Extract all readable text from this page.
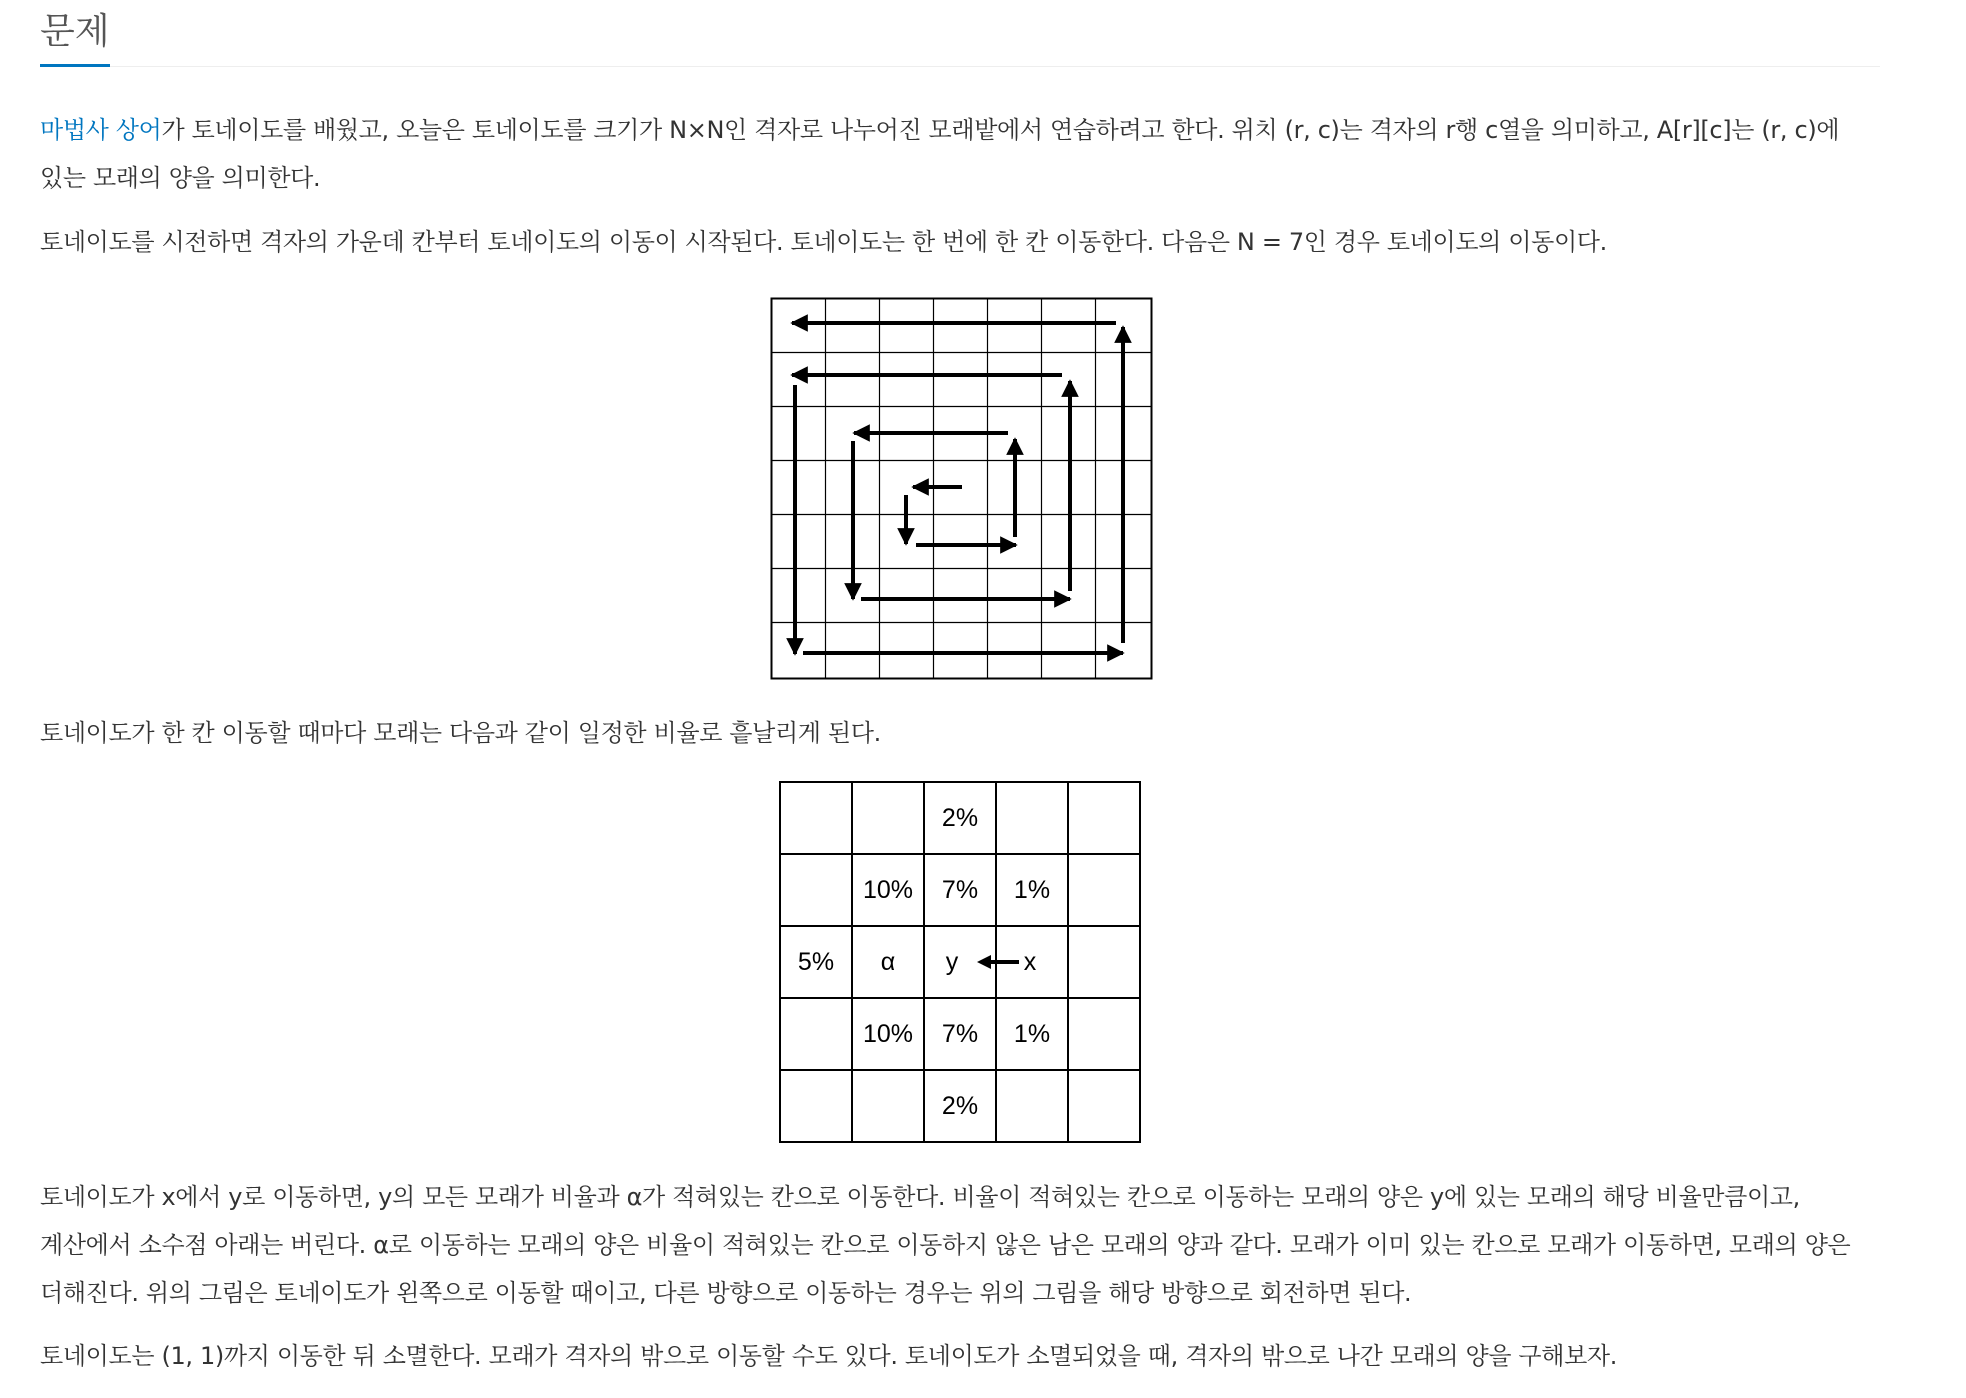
문제

마법사 상어가 토네이도를 배웠고, 오늘은 토네이도를 크기가 N×N인 격자로 나누어진 모래밭에서 연습하려고 한다. 위치 (r, c)는 격자의 r행 c열을 의미하고, A[r][c]는 (r, c)에 있는 모래의 양을 의미한다.

토네이도를 시전하면 격자의 가운데 칸부터 토네이도의 이동이 시작된다. 토네이도는 한 번에 한 칸 이동한다. 다음은 N = 7인 경우 토네이도의 이동이다.

토네이도가 한 칸 이동할 때마다 모래는 다음과 같이 일정한 비율로 흩날리게 된다.

		2%		
	10%	7%	1%	
5%	α	y	x	
	10%	7%	1%	
		2%		

토네이도가 x에서 y로 이동하면, y의 모든 모래가 비율과 α가 적혀있는 칸으로 이동한다. 비율이 적혀있는 칸으로 이동하는 모래의 양은 y에 있는 모래의 해당 비율만큼이고, 계산에서 소수점 아래는 버린다. α로 이동하는 모래의 양은 비율이 적혀있는 칸으로 이동하지 않은 남은 모래의 양과 같다. 모래가 이미 있는 칸으로 모래가 이동하면, 모래의 양은 더해진다. 위의 그림은 토네이도가 왼쪽으로 이동할 때이고, 다른 방향으로 이동하는 경우는 위의 그림을 해당 방향으로 회전하면 된다.

토네이도는 (1, 1)까지 이동한 뒤 소멸한다. 모래가 격자의 밖으로 이동할 수도 있다. 토네이도가 소멸되었을 때, 격자의 밖으로 나간 모래의 양을 구해보자.
